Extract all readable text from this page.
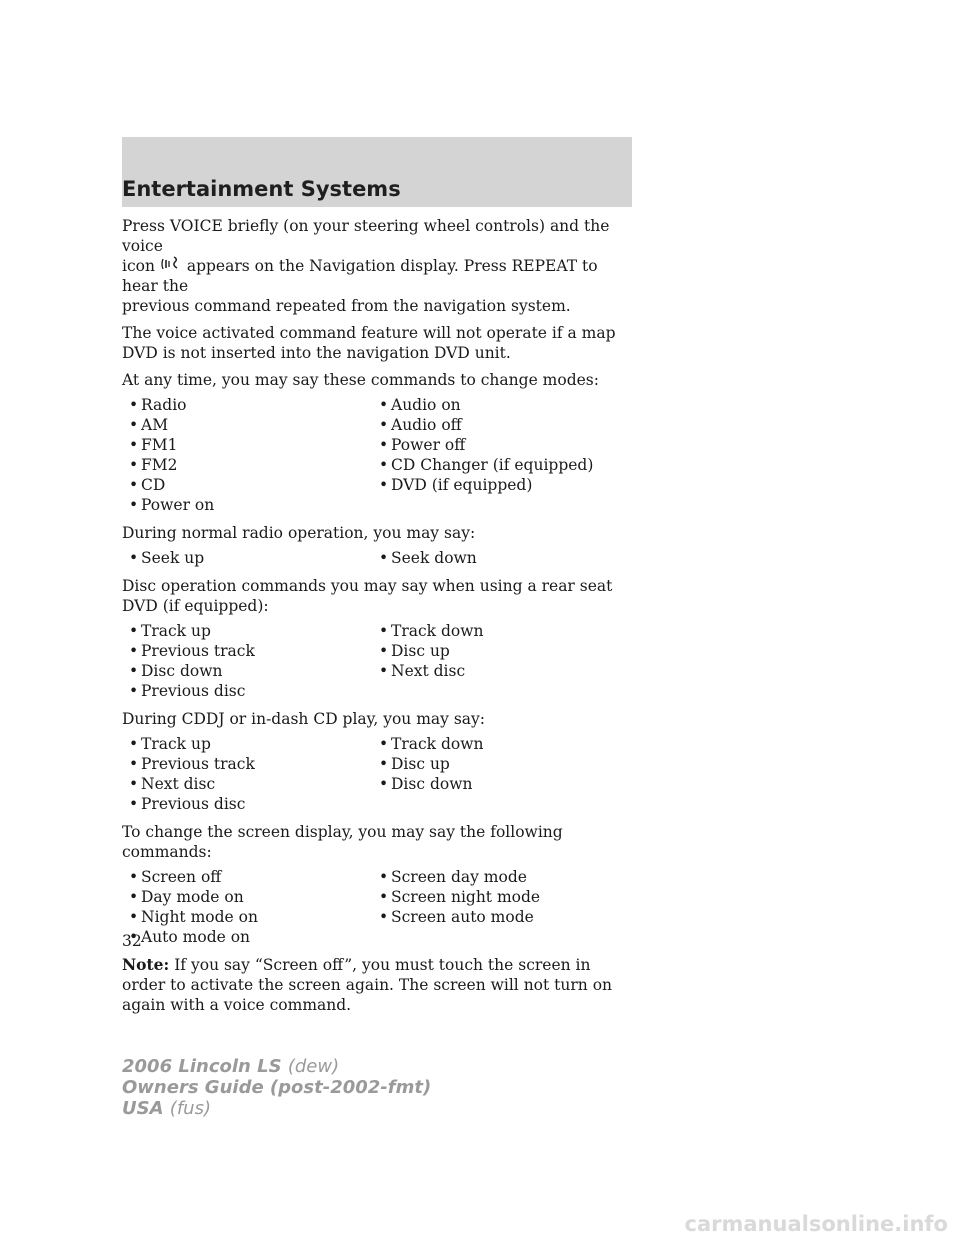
Entertainment Systems

Press VOICE briefly (on your steering wheel controls) and the voice
icon appears on the Navigation display. Press REPEAT to hear the
previous command repeated from the navigation system.

The voice activated command feature will not operate if a map DVD is not inserted into the navigation DVD unit.

At any time, you may say these commands to change modes:

• Radio	• Audio on
• AM	• Audio off
• FM1	• Power off
• FM2	• CD Changer (if equipped)
• CD	• DVD (if equipped)
• Power on

During normal radio operation, you may say:

• Seek up	• Seek down

Disc operation commands you may say when using a rear seat DVD (if equipped):

• Track up	• Track down
• Previous track	• Disc up
• Disc down	• Next disc
• Previous disc

During CDDJ or in-dash CD play, you may say:

• Track up	• Track down
• Previous track	• Disc up
• Next disc	• Disc down
• Previous disc

To change the screen display, you may say the following commands:

• Screen off	• Screen day mode
• Day mode on	• Screen night mode
• Night mode on	• Screen auto mode
• Auto mode on

Note: If you say “Screen off”, you must touch the screen in order to activate the screen again. The screen will not turn on again with a voice command.

32
2006 Lincoln LS (dew)
Owners Guide (post-2002-fmt)
USA (fus)
carmanualsonline.info
